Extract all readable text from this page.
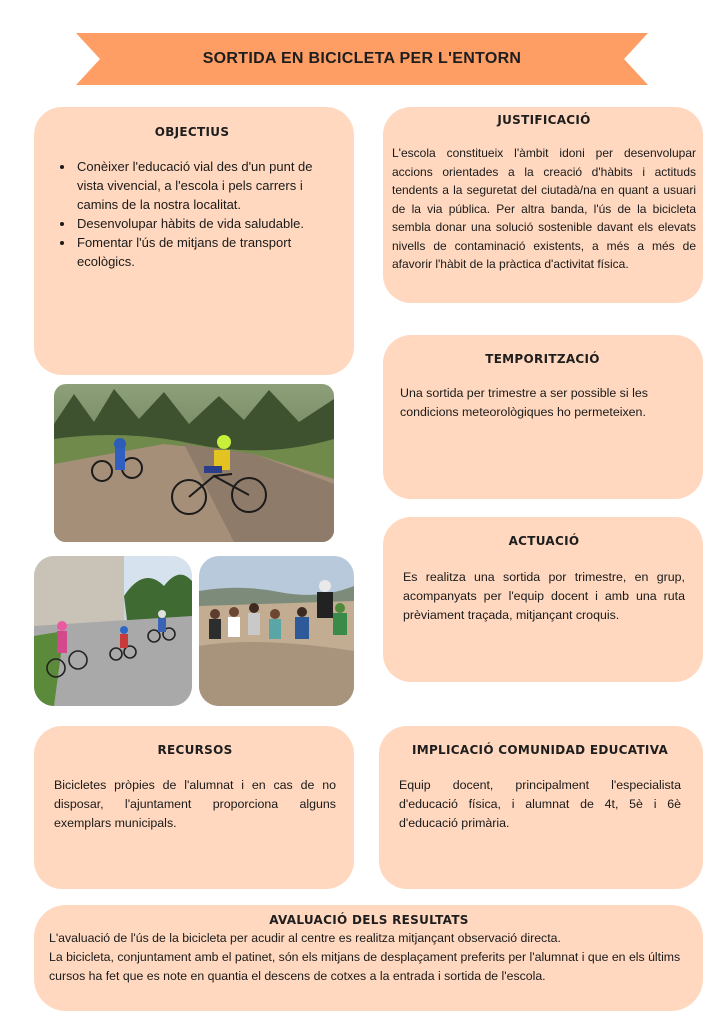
SORTIDA EN BICICLETA PER L'ENTORN
OBJECTIUS
• Conèixer l'educació vial des d'un punt de vista vivencial, a l'escola i pels carrers i camins de la nostra localitat.
• Desenvolupar hàbits de vida saludable.
• Fomentar l'ús de mitjans de transport ecològics.
JUSTIFICACIÓ

L'escola constitueix l'àmbit idoni per desenvolupar accions orientades a la creació d'hàbits i actituds tendents a la seguretat del ciutadà/na en quant a usuari de la via pública. Per altra banda, l'ús de la bicicleta sembla donar una solució sostenible davant els elevats nivells de contaminació existents, a més a més de afavorir l'hàbit de la pràctica d'activitat física.

TEMPORITZACIÓ

Una sortida per trimestre a ser possible si les condicions meteorològiques ho permeteixen.

ACTUACIÓ

Es realitza una sortida por trimestre, en grup, acompanyats per l'equip docent i amb una ruta prèviament traçada, mitjançant croquis.

RECURSOS

Bicicletes pròpies de l'alumnat i en cas de no disposar, l'ajuntament proporciona alguns exemplars municipals.

IMPLICACIÓ COMUNIDAD EDUCATIVA

Equip docent, principalment l'especialista d'educació física, i alumnat de 4t, 5è i 6è d'educació primària.

AVALUACIÓ DELS RESULTATS

L'avaluació de l'ús de la bicicleta per acudir al centre es realitza mitjançant observació directa.

La bicicleta, conjuntament amb el patinet, són els mitjans de desplaçament preferits per l'alumnat i que en els últims cursos ha fet que es note en quantia el descens de cotxes a la entrada i sortida de l'escola.
